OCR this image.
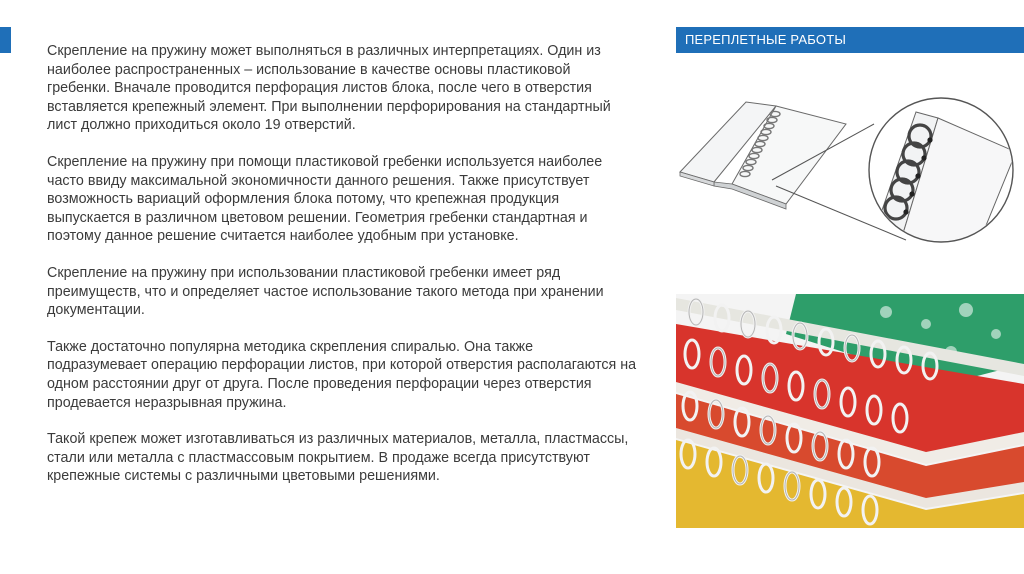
ПЕРЕПЛЕТНЫЕ РАБОТЫ

Скрепление на пружину может выполняться в различных интерпретациях. Один из наиболее распространенных – использование в качестве основы пластиковой гребенки. Вначале проводится перфорация листов блока, после чего в отверстия вставляется крепежный элемент. При выполнении перфорирования на стандартный лист должно приходиться около 19 отверстий.

Скрепление на пружину при помощи пластиковой гребенки используется наиболее часто ввиду максимальной экономичности данного решения. Также присутствует возможность вариаций оформления блока потому, что крепежная продукция выпускается в различном цветовом решении. Геометрия гребенки стандартная и поэтому данное решение считается наиболее удобным при установке.

Скрепление на пружину при использовании пластиковой гребенки имеет ряд преимуществ, что и определяет частое использование такого метода при хранении документации.

Также достаточно популярна методика скрепления спиралью. Она также подразумевает операцию перфорации листов, при которой отверстия располагаются на одном расстоянии друг от друга. После проведения перфорации через отверстия продевается неразрывная пружина.

Такой крепеж может изготавливаться из различных материалов, металла, пластмассы, стали или металла с пластмассовым покрытием. В продаже всегда присутствуют крепежные системы с различными цветовыми решениями.
